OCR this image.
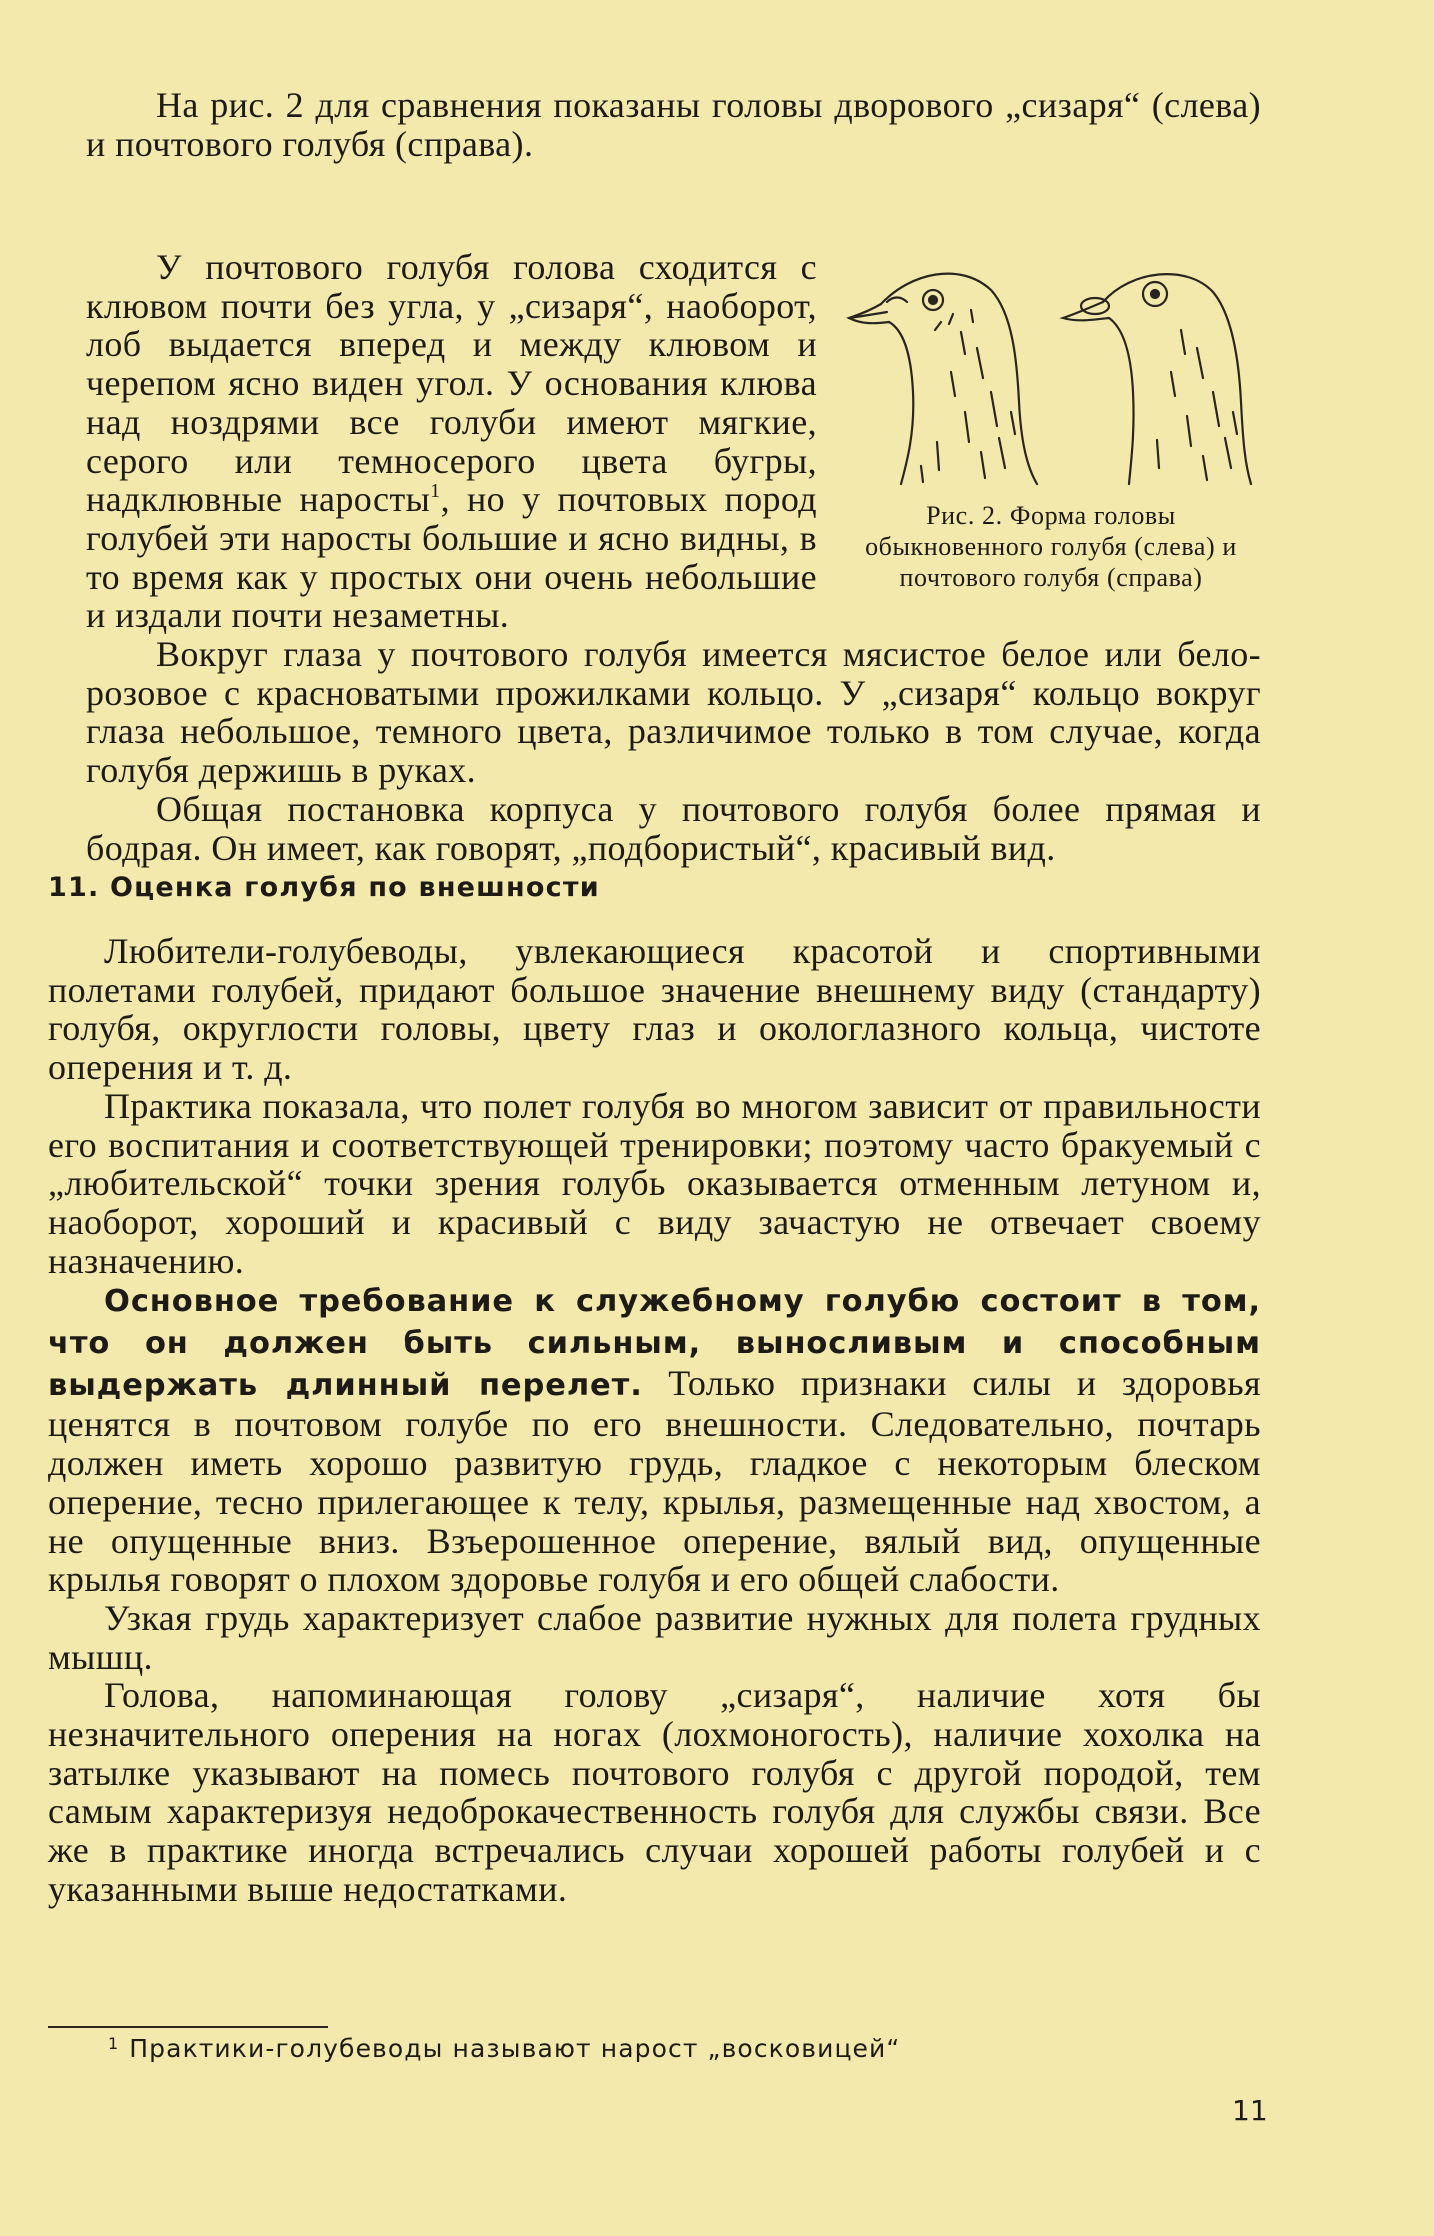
На рис. 2 для сравнения показаны головы дворового „сизаря“ (слева) и почтового голубя (справа).

Рис. 2. Форма головы обыкновенного голубя (слева) и почтового голубя (справа)

У почтового голубя голова сходится с клювом почти без угла, у „сизаря“, наоборот, лоб выдается вперед и между клювом и черепом ясно виден угол. У основания клюва над ноздрями все голуби имеют мягкие, серого или темносерого цвета бугры, надклювные наросты$^1$, но у почтовых пород голубей эти наросты большие и ясно видны, в то время как у простых они очень небольшие и издали почти незаметны.

Вокруг глаза у почтового голубя имеется мясистое белое или бело-розовое с красноватыми прожилками кольцо. У „сизаря“ кольцо вокруг глаза небольшое, темного цвета, различимое только в том случае, когда голубя держишь в руках.

Общая постановка корпуса у почтового голубя более прямая и бодрая. Он имеет, как говорят, „подбористый“, красивый вид.

11. Оценка голубя по внешности

Любители-голубеводы, увлекающиеся красотой и спортивными полетами голубей, придают большое значение внешнему виду (стандарту) голубя, округлости головы, цвету глаз и окологлазного кольца, чистоте оперения и т. д.

Практика показала, что полет голубя во многом зависит от правильности его воспитания и соответствующей тренировки; поэтому часто бракуемый с „любительской“ точки зрения голубь оказывается отменным летуном и, наоборот, хороший и красивый с виду зачастую не отвечает своему назначению.

Основное требование к служебному голубю состоит в том, что он должен быть сильным, выносливым и способным выдержать длинный перелет. Только признаки силы и здоровья ценятся в почтовом голубе по его внешности. Следовательно, почтарь должен иметь хорошо развитую грудь, гладкое с некоторым блеском оперение, тесно прилегающее к телу, крылья, размещенные над хвостом, а не опущенные вниз. Взъерошенное оперение, вялый вид, опущенные крылья говорят о плохом здоровье голубя и его общей слабости.

Узкая грудь характеризует слабое развитие нужных для полета грудных мышц.

Голова, напоминающая голову „сизаря“, наличие хотя бы незначительного оперения на ногах (лохмоногость), наличие хохолка на затылке указывают на помесь почтового голубя с другой породой, тем самым характеризуя недоброкачественность голубя для службы связи. Все же в практике иногда встречались случаи хорошей работы голубей и с указанными выше недостатками.

$^1$ Практики-голубеводы называют нарост „восковицей“
11
